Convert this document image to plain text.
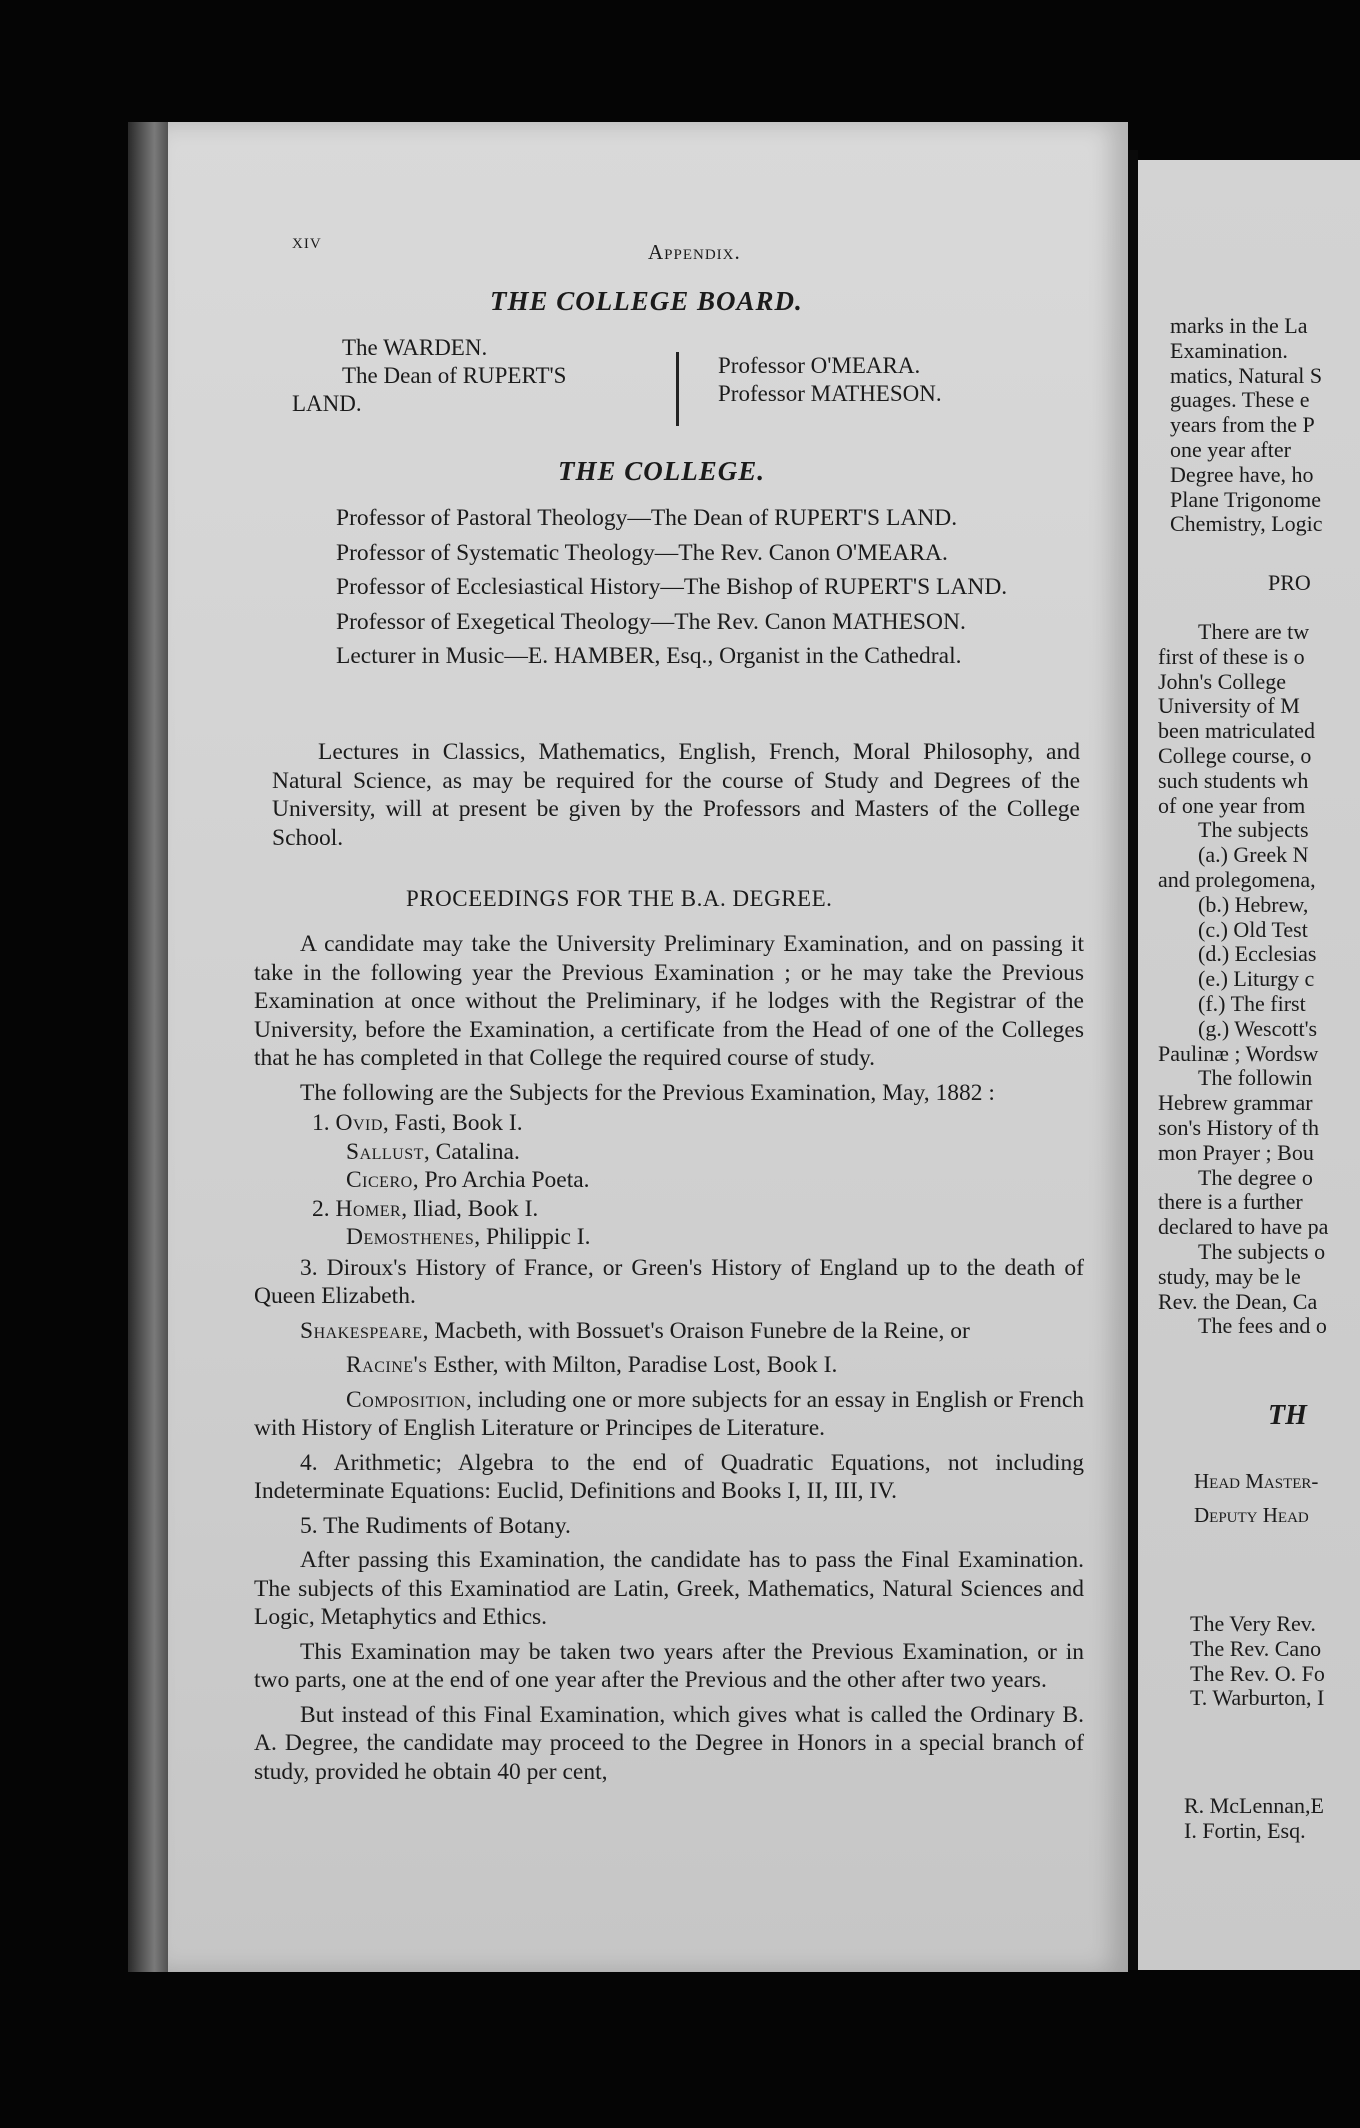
xiv	Appendix.
THE COLLEGE BOARD.
The WARDEN.
The Dean of RUPERT'S
LAND.
Professor O'MEARA.
Professor MATHESON.
THE COLLEGE.

Professor of Pastoral Theology—The Dean of RUPERT'S LAND.

Professor of Systematic Theology—The Rev. Canon O'MEARA.

Professor of Ecclesiastical History—The Bishop of RUPERT'S LAND.

Professor of Exegetical Theology—The Rev. Canon MATHESON.

Lecturer in Music—E. HAMBER, Esq., Organist in the Cathedral.

Lectures in Classics, Mathematics, English, French, Moral Philosophy, and Natural Science, as may be required for the course of Study and Degrees of the University, will at present be given by the Professors and Masters of the College School.

PROCEEDINGS FOR THE B.A. DEGREE.

A candidate may take the University Preliminary Examination, and on passing it take in the following year the Previous Examination ; or he may take the Previous Examination at once without the Preliminary, if he lodges with the Registrar of the University, before the Examination, a certificate from the Head of one of the Colleges that he has completed in that College the required course of study.

The following are the Subjects for the Previous Examination, May, 1882 :

1. Ovid, Fasti, Book I.
Sallust, Catalina.
Cicero, Pro Archia Poeta.
2. Homer, Iliad, Book I.
Demosthenes, Philippic I.

3. Diroux's History of France, or Green's History of England up to the death of Queen Elizabeth.

Shakespeare, Macbeth, with Bossuet's Oraison Funebre de la Reine, or

Racine's Esther, with Milton, Paradise Lost, Book I.

Composition, including one or more subjects for an essay in English or French with History of English Literature or Principes de Literature.

4. Arithmetic; Algebra to the end of Quadratic Equations, not including Indeterminate Equations: Euclid, Definitions and Books I, II, III, IV.

5. The Rudiments of Botany.

After passing this Examination, the candidate has to pass the Final Examination. The subjects of this Examinatiod are Latin, Greek, Mathematics, Natural Sciences and Logic, Metaphytics and Ethics.

This Examination may be taken two years after the Previous Examination, or in two parts, one at the end of one year after the Previous and the other after two years.

But instead of this Final Examination, which gives what is called the Ordinary B. A. Degree, the candidate may proceed to the Degree in Honors in a special branch of study, provided he obtain 40 per cent,

marks in the La
Examination.
matics, Natural S
guages. These e
years from the P
one year after
Degree have, ho
Plane Trigonome
Chemistry, Logic
PRO
There are tw
first of these is o
John's College
University of M
been matriculated
College course, o
such students wh
of one year from
The subjects
(a.) Greek N
and prolegomena,
(b.) Hebrew,
(c.) Old Test
(d.) Ecclesias
(e.) Liturgy c
(f.) The first
(g.) Wescott's
Paulinæ ; Wordsw
The followin
Hebrew grammar
son's History of th
mon Prayer ; Bou
The degree o
there is a further
declared to have pa
The subjects o
study, may be le
Rev. the Dean, Ca
The fees and o
TH
Head Master-
Deputy Head
The Very Rev.
The Rev. Cano
The Rev. O. Fo
T. Warburton, I
R. McLennan,E
I. Fortin, Esq.
